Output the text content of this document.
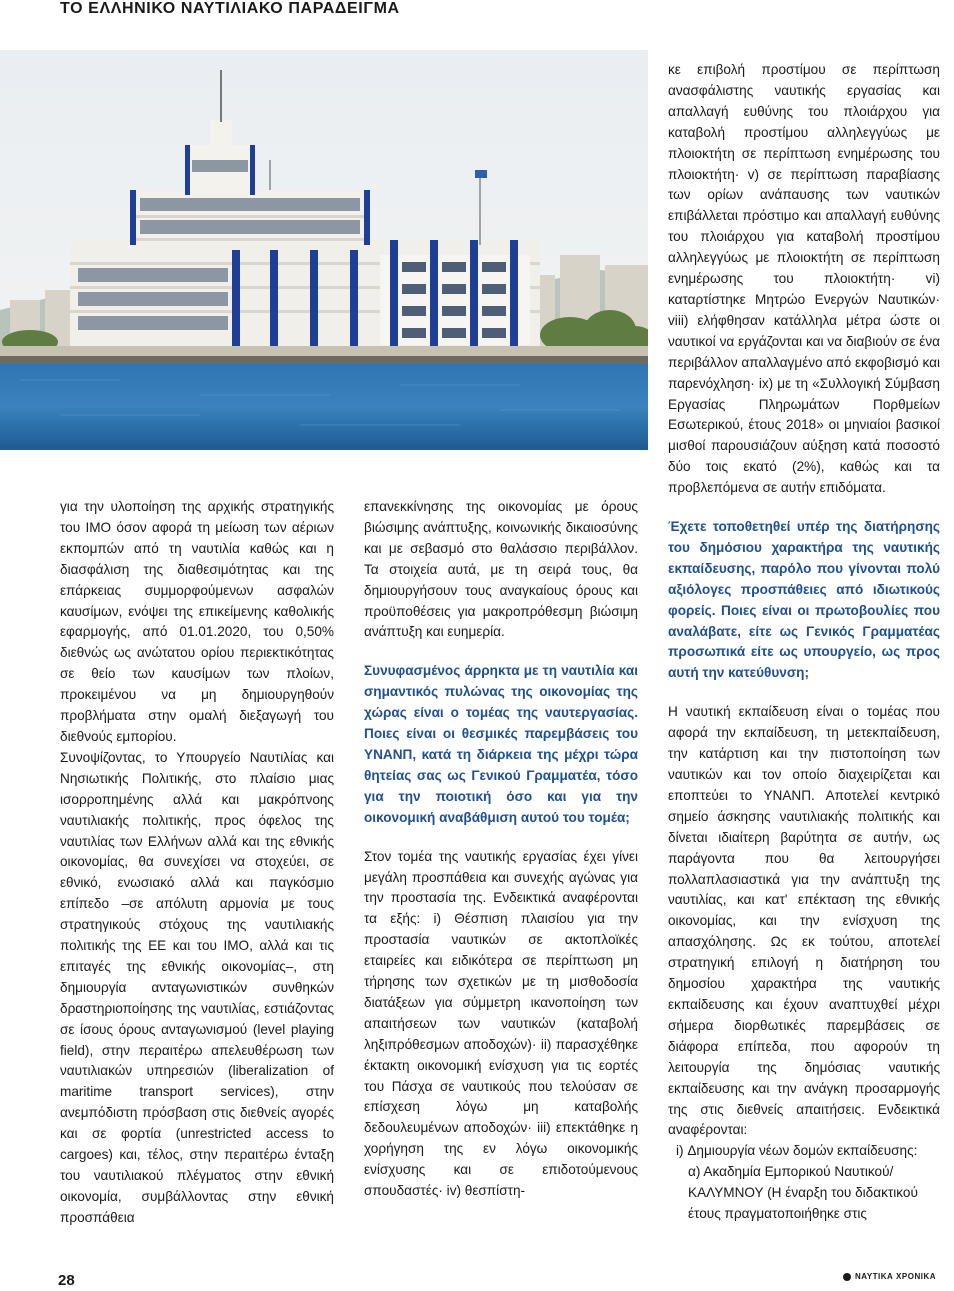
ΤΟ ΕΛΛΗΝΙΚΟ ΝΑΥΤΙΛΙΑΚΟ ΠΑΡΑΔΕΙΓΜΑ

για την υλοποίηση της αρχικής στρατηγικής του ΙΜΟ όσον αφορά τη μείωση των αέριων εκπομπών από τη ναυτιλία καθώς και η διασφάλιση της διαθεσιμότητας και της επάρκειας συμμορφούμενων ασφαλών καυσίμων, ενόψει της επικείμενης καθολικής εφαρμογής, από 01.01.2020, του 0,50% διεθνώς ως ανώτατου ορίου περιεκτικότητας σε θείο των καυσίμων των πλοίων, προκειμένου να μη δημιουργηθούν προβλήματα στην ομαλή διεξαγωγή του διεθνούς εμπορίου.

Συνοψίζοντας, το Υπουργείο Ναυτιλίας και Νησιωτικής Πολιτικής, στο πλαίσιο μιας ισορροπημένης αλλά και μακρόπνοης ναυτιλιακής πολιτικής, προς όφελος της ναυτιλίας των Ελλήνων αλλά και της εθνικής οικονομίας, θα συνεχίσει να στοχεύει, σε εθνικό, ενωσιακό αλλά και παγκόσμιο επίπεδο –σε απόλυτη αρμονία με τους στρατηγικούς στόχους της ναυτιλιακής πολιτικής της ΕΕ και του ΙΜΟ, αλλά και τις επιταγές της εθνικής οικονομίας–, στη δημιουργία ανταγωνιστικών συνθηκών δραστηριοποίησης της ναυτιλίας, εστιάζοντας σε ίσους όρους ανταγωνισμού (level playing field), στην περαιτέρω απελευθέρωση των ναυτιλιακών υπηρεσιών (liberalization of maritime transport services), στην ανεμπόδιστη πρόσβαση στις διεθνείς αγορές και σε φορτία (unrestricted access to cargoes) και, τέλος, στην περαιτέρω ένταξη του ναυτιλιακού πλέγματος στην εθνική οικονομία, συμβάλλοντας στην εθνική προσπάθεια

επανεκκίνησης της οικονομίας με όρους βιώσιμης ανάπτυξης, κοινωνικής δικαιοσύνης και με σεβασμό στο θαλάσσιο περιβάλλον. Τα στοιχεία αυτά, με τη σειρά τους, θα δημιουργήσουν τους αναγκαίους όρους και προϋποθέσεις για μακροπρόθεσμη βιώσιμη ανάπτυξη και ευημερία.

Συνυφασμένος άρρηκτα με τη ναυτιλία και σημαντικός πυλώνας της οικονομίας της χώρας είναι ο τομέας της ναυτεργασίας. Ποιες είναι οι θεσμικές παρεμβάσεις του ΥΝΑΝΠ, κατά τη διάρκεια της μέχρι τώρα θητείας σας ως Γενικού Γραμματέα, τόσο για την ποιοτική όσο και για την οικονομική αναβάθμιση αυτού του τομέα;

Στον τομέα της ναυτικής εργασίας έχει γίνει μεγάλη προσπάθεια και συνεχής αγώνας για την προστασία της. Ενδεικτικά αναφέρονται τα εξής: i) Θέσπιση πλαισίου για την προστασία ναυτικών σε ακτοπλοϊκές εταιρείες και ειδικότερα σε περίπτωση μη τήρησης των σχετικών με τη μισθοδοσία διατάξεων για σύμμετρη ικανοποίηση των απαιτήσεων των ναυτικών (καταβολή ληξιπρόθεσμων αποδοχών)· ii) παρασχέθηκε έκτακτη οικονομική ενίσχυση για τις εορτές του Πάσχα σε ναυτικούς που τελούσαν σε επίσχεση λόγω μη καταβολής δεδουλευμένων αποδοχών· iii) επεκτάθηκε η χορήγηση της εν λόγω οικονομικής ενίσχυσης και σε επιδοτούμενους σπουδαστές· iv) θεσπίστη-

κε επιβολή προστίμου σε περίπτωση ανασφάλιστης ναυτικής εργασίας και απαλλαγή ευθύνης του πλοιάρχου για καταβολή προστίμου αλληλεγγύως με πλοιοκτήτη σε περίπτωση ενημέρωσης του πλοιοκτήτη· v) σε περίπτωση παραβίασης των ορίων ανάπαυσης των ναυτικών επιβάλλεται πρόστιμο και απαλλαγή ευθύνης του πλοιάρχου για καταβολή προστίμου αλληλεγγύως με πλοιοκτήτη σε περίπτωση ενημέρωσης του πλοιοκτήτη· vi) καταρτίστηκε Μητρώο Ενεργών Ναυτικών· viii) ελήφθησαν κατάλληλα μέτρα ώστε οι ναυτικοί να εργάζονται και να διαβιούν σε ένα περιβάλλον απαλλαγμένο από εκφοβισμό και παρενόχληση· ix) με τη «Συλλογική Σύμβαση Εργασίας Πληρωμάτων Πορθμείων Εσωτερικού, έτους 2018» οι μηνιαίοι βασικοί μισθοί παρουσιάζουν αύξηση κατά ποσοστό δύο τοις εκατό (2%), καθώς και τα προβλεπόμενα σε αυτήν επιδόματα.

Έχετε τοποθετηθεί υπέρ της διατήρησης του δημόσιου χαρακτήρα της ναυτικής εκπαίδευσης, παρόλο που γίνονται πολύ αξιόλογες προσπάθειες από ιδιωτικούς φορείς. Ποιες είναι οι πρωτοβουλίες που αναλάβατε, είτε ως Γενικός Γραμματέας προσωπικά είτε ως υπουργείο, ως προς αυτή την κατεύθυνση;

Η ναυτική εκπαίδευση είναι ο τομέας που αφορά την εκπαίδευση, τη μετεκπαίδευση, την κατάρτιση και την πιστοποίηση των ναυτικών και τον οποίο διαχειρίζεται και εποπτεύει το ΥΝΑΝΠ. Αποτελεί κεντρικό σημείο άσκησης ναυτιλιακής πολιτικής και δίνεται ιδιαίτερη βαρύτητα σε αυτήν, ως παράγοντα που θα λειτουργήσει πολλαπλασιαστικά για την ανάπτυξη της ναυτιλίας, και κατ' επέκταση της εθνικής οικονομίας, και την ενίσχυση της απασχόλησης. Ως εκ τούτου, αποτελεί στρατηγική επιλογή η διατήρηση του δημοσίου χαρακτήρα της ναυτικής εκπαίδευσης και έχουν αναπτυχθεί μέχρι σήμερα διορθωτικές παρεμβάσεις σε διάφορα επίπεδα, που αφορούν τη λειτουργία της δημόσιας ναυτικής εκπαίδευσης και την ανάγκη προσαρμογής της στις διεθνείς απαιτήσεις. Ενδεικτικά αναφέρονται:

i) Δημιουργία νέων δομών εκπαίδευσης:

α) Ακαδημία Εμπορικού Ναυτικού/ ΚΑΛΥΜΝΟΥ (Η έναρξη του διδακτικού έτους πραγματοποιήθηκε στις

28	ΝΑΥΤΙΚΑ ΧΡΟΝΙΚΑ
